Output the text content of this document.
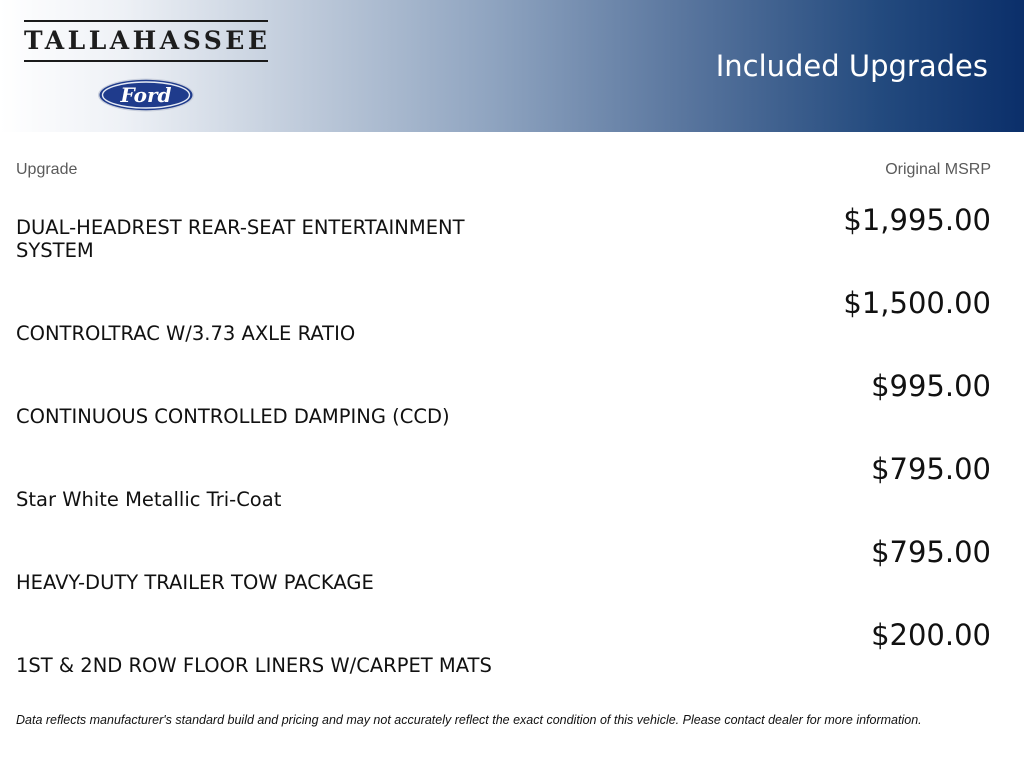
TALLAHASSEE
Ford
Included Upgrades
Upgrade	Original MSRP
DUAL-HEADREST REAR-SEAT ENTERTAINMENT SYSTEM
$1,995.00
CONTROLTRAC W/3.73 AXLE RATIO
$1,500.00
CONTINUOUS CONTROLLED DAMPING (CCD)
$995.00
Star White Metallic Tri-Coat
$795.00
HEAVY-DUTY TRAILER TOW PACKAGE
$795.00
1ST & 2ND ROW FLOOR LINERS W/CARPET MATS
$200.00
Data reflects manufacturer's standard build and pricing and may not accurately reflect the exact condition of this vehicle. Please contact dealer for more information.
